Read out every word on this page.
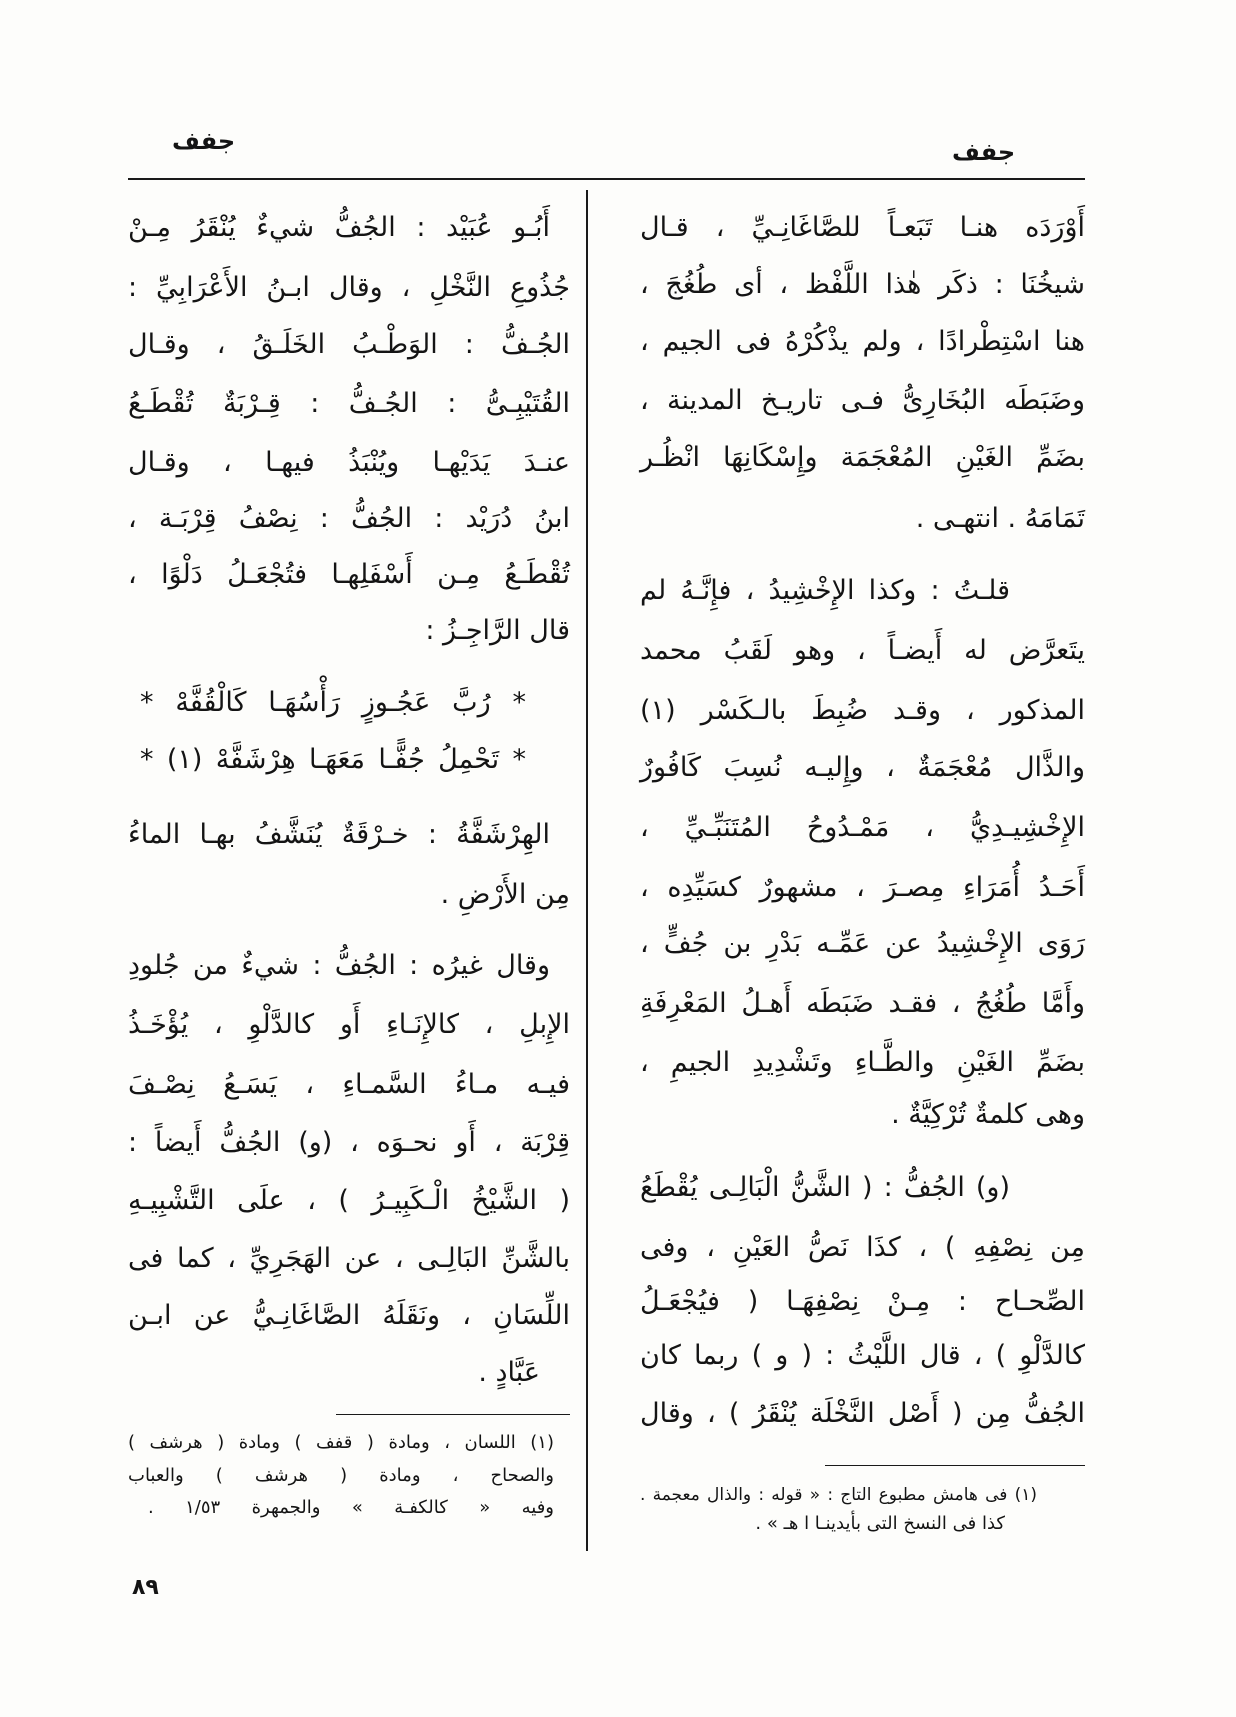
جفف
جفف
أَوْرَدَه هنـا تَبَعـاً للصَّاغَانِـيِّ ، قـال
شيخُنَا : ذكَر هٰذا اللَّفْظ ، أى طُغُجَ ،
هنا اسْتِطْرادًا ، ولم يذْكُرْهُ فى الجيم ،
وضَبَطَه البُخَارِىُّ فـى تاريـخ المدينة ،
بضَمِّ الغَيْنِ المُعْجَمَة وإِسْكَانِهَا انْظُـر
تَمَامَهُ . انتهـى .
قلـتُ : وكذا الإِخْشِيدُ ، فإِنَّـهُ لم
يتَعرَّض له أَيضـاً ، وهو لَقَبُ محمد
المذكور ، وقـد ضُبِطَ بالـكَسْر (١)
والذَّال مُعْجَمَةٌ ، وإِليـه نُسِبَ كَافُورٌ
الإِخْشِيـدِيُّ ، مَمْـدُوحُ المُتَنَبِّـيِّ ،
أَحَـدُ أُمَرَاءِ مِصـرَ ، مشهورٌ كسَيِّدِه ،
رَوَى الإِخْشِيدُ عن عَمِّـه بَدْرِ بن جُفٍّ ،
وأَمَّا طُغُجُ ، فقـد ضَبَطَه أَهـلُ المَعْرِفَةِ
بضَمِّ الغَيْنِ والطَّـاءِ وتَشْدِيدِ الجيمِ ،
وهى كلمةٌ تُرْكِيَّةٌ .
(و) الجُفُّ : ( الشَّنُّ الْبَالِـى يُقْطَعُ
مِن نِصْفِهِ ) ، كذَا نَصُّ العَيْنِ ، وفى
الصِّحـاح : مِـنْ نِصْفِهَـا ( فيُجْعَـلُ
كالدَّلْوِ ) ، قال اللَّيْثُ : ( و ) ربما كان
الجُفُّ مِن ( أَصْل النَّخْلَة يُنْقَرُ ) ، وقال
(١) فى هامش مطبوع التاج : « قوله : والذال معجمة .
كذا فى النسخ التى بأيدينـا ا هـ » .
أَبُـو عُبَيْد : الجُفُّ شيءٌ يُنْقَرُ مِـنْ
جُذُوعِ النَّخْلِ ، وقال ابـنُ الأَعْرَابِيِّ :
الجُـفُّ : الوَطْـبُ الخَلَـقُ ، وقـال
القُتَيْبِـىُّ : الجُـفُّ : قِـرْبَةٌ تُقْطَـعُ
عنـدَ يَدَيْهـا ويُنْبَذُ فيهـا ، وقـال
ابنُ دُرَيْد : الجُفُّ : نِصْفُ قِرْبَـة ،
تُقْطَـعُ مِـن أَسْفَلِهـا فتُجْعَـلُ دَلْوًا ،
قال الرَّاجِـزُ :
* رُبَّ عَجُـوزٍ رَأْسُهَـا كَالْقُفَّهْ *
* تَحْمِلُ جُفًّـا مَعَهَـا هِرْشَفَّهْ (١) *
الهِرْشَفَّةُ : خـرْقَةٌ يُنَشَّفُ بهـا الماءُ
مِن الأَرْضِ .
وقال غيرُه : الجُفُّ : شيءٌ من جُلودِ
الإِبلِ ، كالإِنَـاءِ أَو كالدَّلْوِ ، يُؤْخَـذُ
فيـه مـاءُ السَّمـاءِ ، يَسَـعُ نِصْـفَ
قِرْبَة ، أَو نحـوَه ، (و) الجُفُّ أَيضاً :
( الشَّيْخُ الْـكَبِيـرُ ) ، علَى التَّشْبِيـهِ
بالشَّنِّ البَالِـى ، عن الهَجَرِيِّ ، كما فى
اللِّسَانِ ، ونَقَلَهُ الصَّاغَانِـيُّ عن ابـن
عَبَّادٍ .
(١) اللسان ، ومادة ( قفف ) ومادة ( هرشف )
والصحاح ، ومادة ( هرشف ) والعباب
وفيه « كالكفـة » والجمهرة ١/٥٣ .
٨٩
